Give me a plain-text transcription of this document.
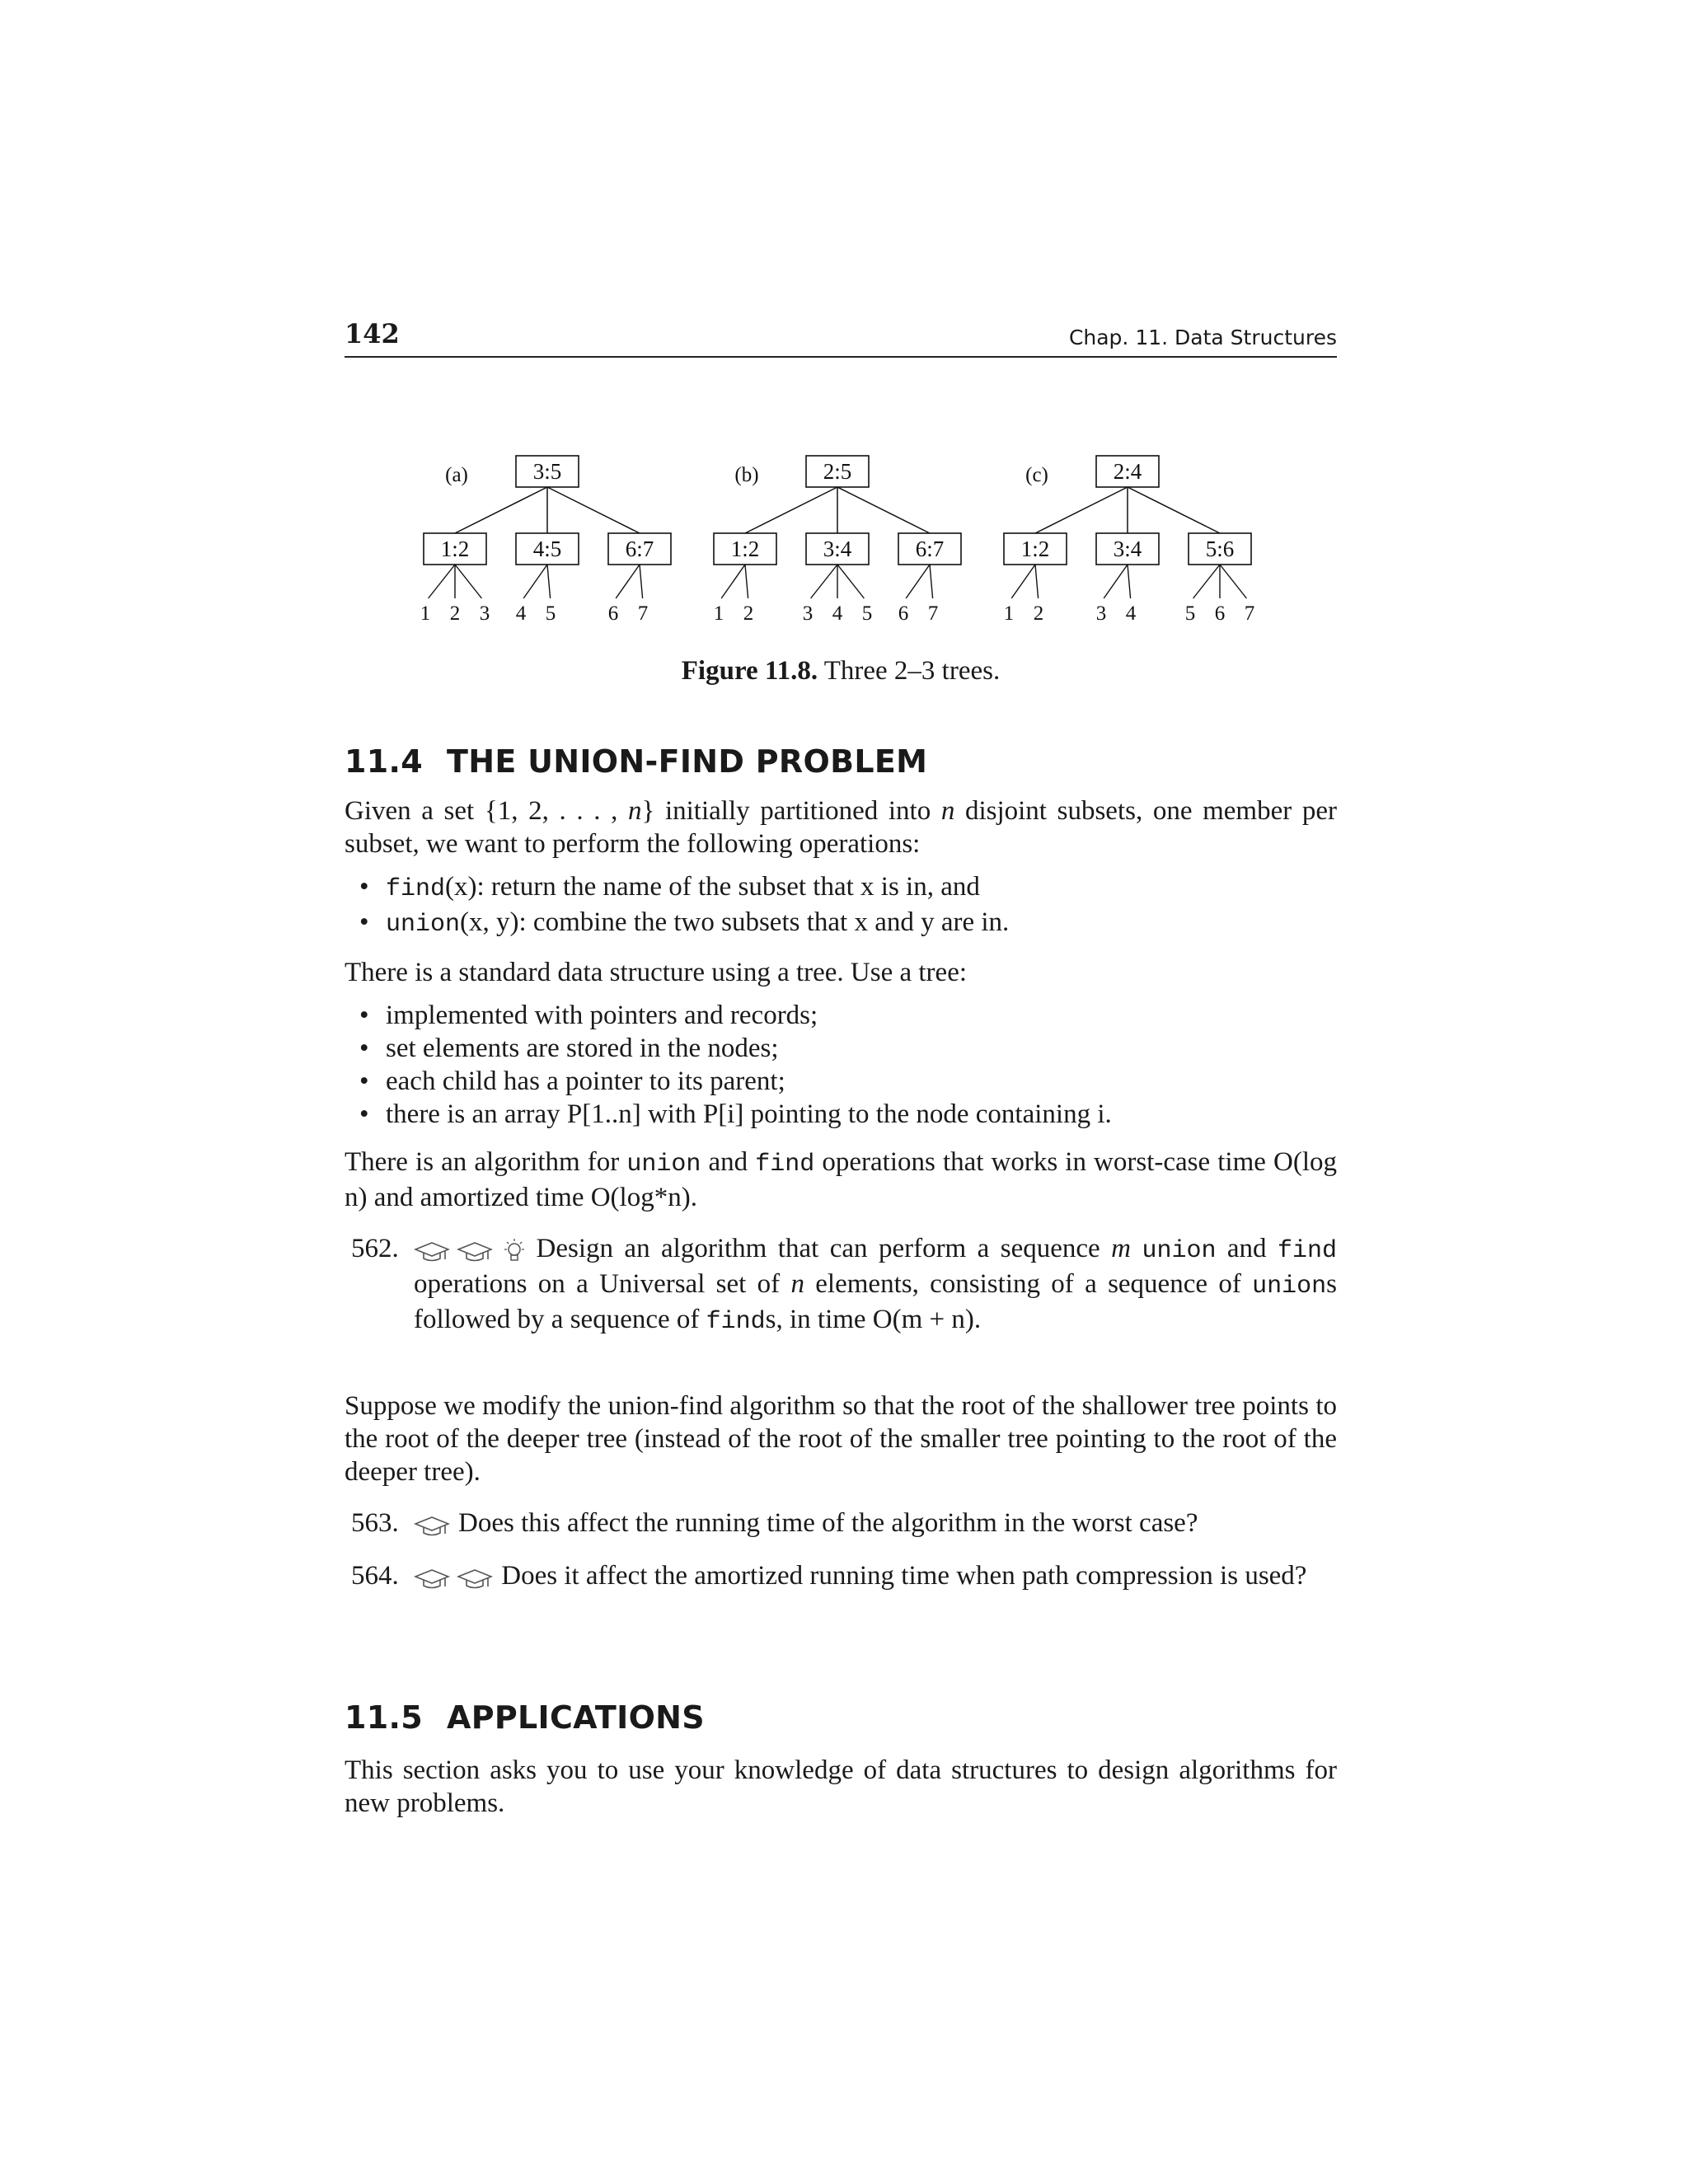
142	Chap. 11. Data Structures
(a)	3:5
1:2
1 2 3
4:5
4 5
6:7
6 7
(b)	2:5
1:2
1 2
3:4
3 4 5
6:7
6 7
(c)	2:4
1:2
1 2
3:4
3 4
5:6
5 6 7
Figure 11.8. Three 2–3 trees.
11.4 THE UNION-FIND PROBLEM

Given a set {1, 2, . . . , n} initially partitioned into n disjoint subsets, one member per subset, we want to perform the following operations:

• find(x): return the name of the subset that x is in, and
• union(x, y): combine the two subsets that x and y are in.

There is a standard data structure using a tree. Use a tree:

• implemented with pointers and records;
• set elements are stored in the nodes;
• each child has a pointer to its parent;
• there is an array P[1..n] with P[i] pointing to the node containing i.

There is an algorithm for union and find operations that works in worst-case time O(log n) and amortized time O(log*n).

562.	Design an algorithm that can perform a sequence m union and find operations on a Universal set of n elements, consisting of a sequence of unions followed by a sequence of finds, in time O(m + n).

Suppose we modify the union-find algorithm so that the root of the shallower tree points to the root of the deeper tree (instead of the root of the smaller tree pointing to the root of the deeper tree).

563. Does this affect the running time of the algorithm in the worst case?
564.	Does it affect the amortized running time when path compression is used?
11.5 APPLICATIONS

This section asks you to use your knowledge of data structures to design algorithms for new problems.
